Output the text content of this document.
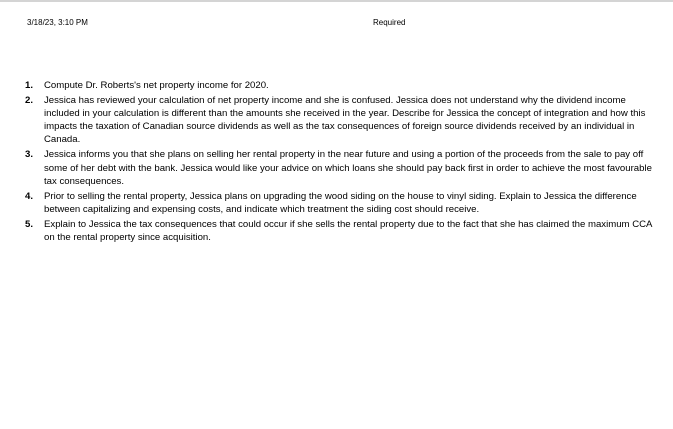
3/18/23, 3:10 PM	Required
1. Compute Dr. Roberts's net property income for 2020.
2. Jessica has reviewed your calculation of net property income and she is confused. Jessica does not understand why the dividend income included in your calculation is different than the amounts she received in the year. Describe for Jessica the concept of integration and how this impacts the taxation of Canadian source dividends as well as the tax consequences of foreign source dividends received by an individual in Canada.
3. Jessica informs you that she plans on selling her rental property in the near future and using a portion of the proceeds from the sale to pay off some of her debt with the bank. Jessica would like your advice on which loans she should pay back first in order to achieve the most favourable tax consequences.
4. Prior to selling the rental property, Jessica plans on upgrading the wood siding on the house to vinyl siding. Explain to Jessica the difference between capitalizing and expensing costs, and indicate which treatment the siding cost should receive.
5. Explain to Jessica the tax consequences that could occur if she sells the rental property due to the fact that she has claimed the maximum CCA on the rental property since acquisition.
